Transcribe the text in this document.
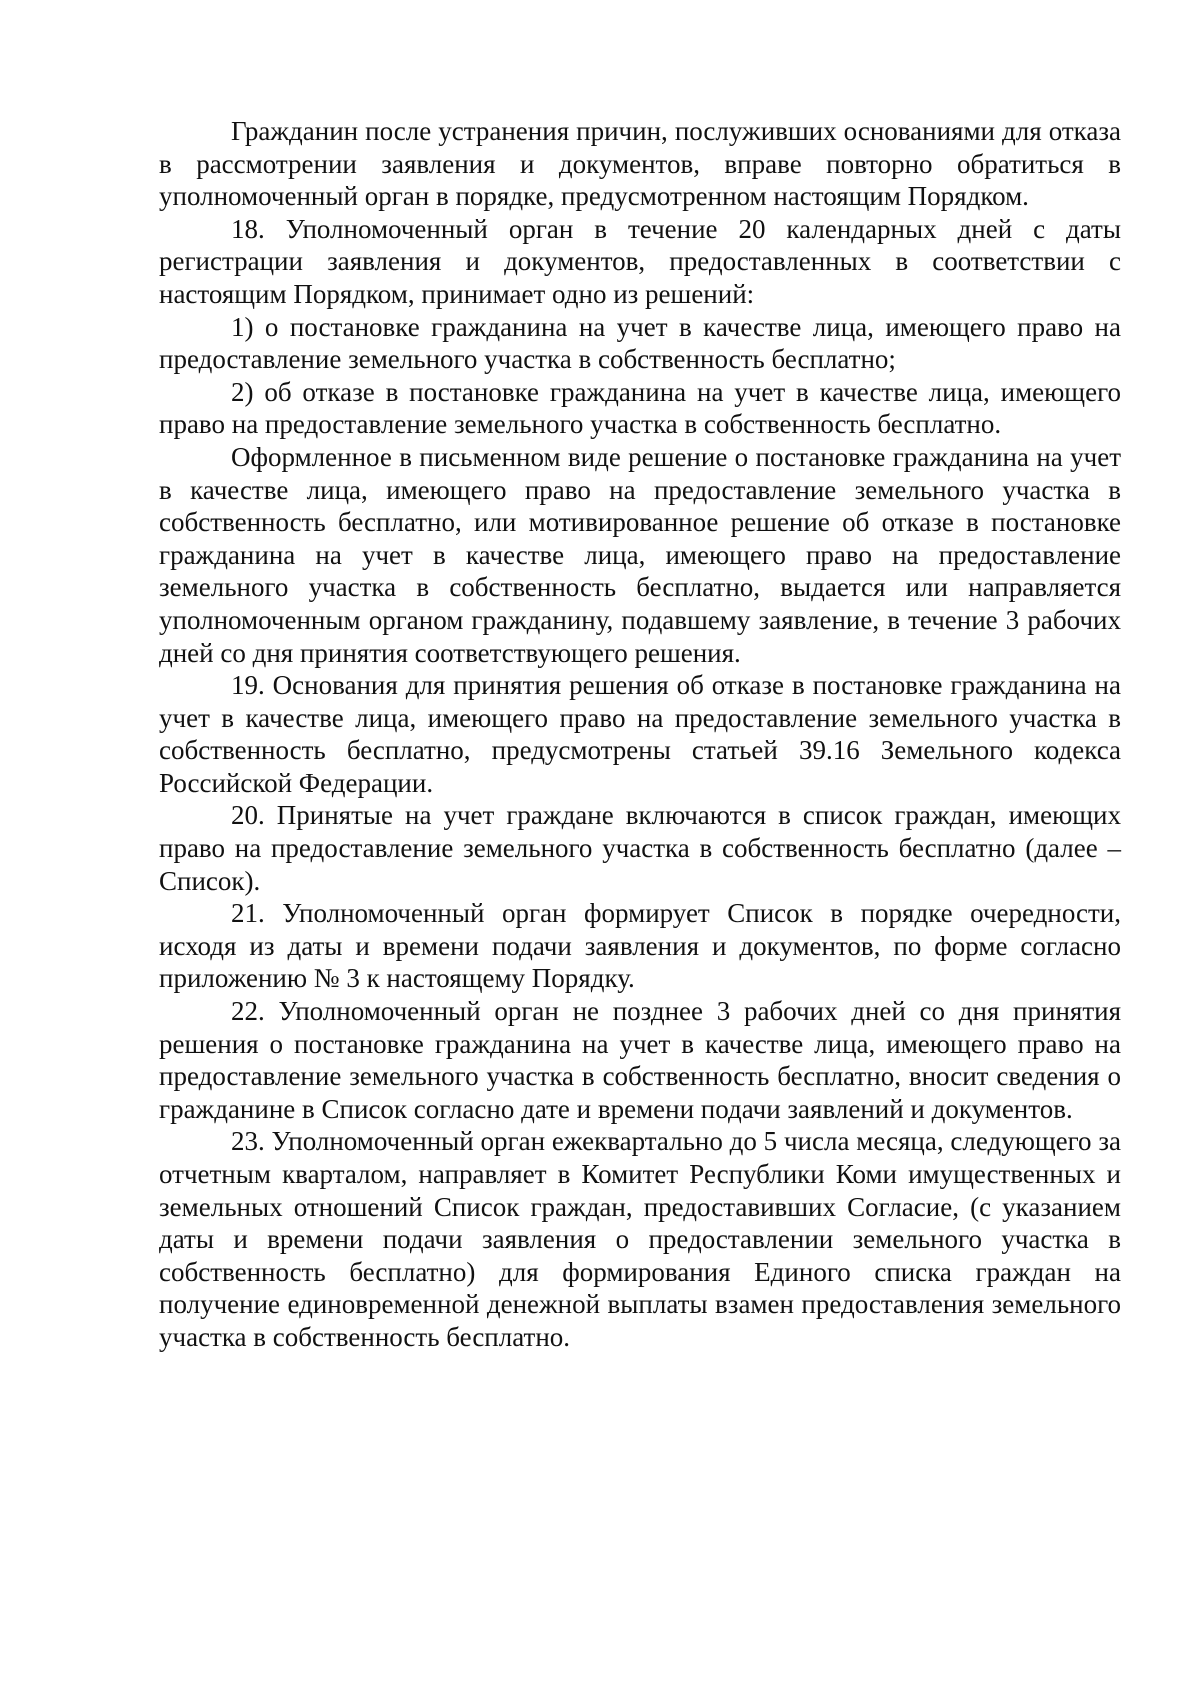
Гражданин после устранения причин, послуживших основаниями для отказа в рассмотрении заявления и документов, вправе повторно обратиться в уполномоченный орган в порядке, предусмотренном настоящим Порядком.

18. Уполномоченный орган в течение 20 календарных дней с даты регистрации заявления и документов, предоставленных в соответствии с настоящим Порядком, принимает одно из решений:

1) о постановке гражданина на учет в качестве лица, имеющего право на предоставление земельного участка в собственность бесплатно;

2) об отказе в постановке гражданина на учет в качестве лица, имеющего право на предоставление земельного участка в собственность бесплатно.

Оформленное в письменном виде решение о постановке гражданина на учет в качестве лица, имеющего право на предоставление земельного участка в собственность бесплатно, или мотивированное решение об отказе в постановке гражданина на учет в качестве лица, имеющего право на предоставление земельного участка в собственность бесплатно, выдается или направляется уполномоченным органом гражданину, подавшему заявление, в течение 3 рабочих дней со дня принятия соответствующего решения.

19. Основания для принятия решения об отказе в постановке гражданина на учет в качестве лица, имеющего право на предоставление земельного участка в собственность бесплатно, предусмотрены статьей 39.16 Земельного кодекса Российской Федерации.

20. Принятые на учет граждане включаются в список граждан, имеющих право на предоставление земельного участка в собственность бесплатно (далее – Список).

21. Уполномоченный орган формирует Список в порядке очередности, исходя из даты и времени подачи заявления и документов, по форме согласно приложению № 3 к настоящему Порядку.

22. Уполномоченный орган не позднее 3 рабочих дней со дня принятия решения о постановке гражданина на учет в качестве лица, имеющего право на предоставление земельного участка в собственность бесплатно, вносит сведения о гражданине в Список согласно дате и времени подачи заявлений и документов.

23. Уполномоченный орган ежеквартально до 5 числа месяца, следующего за отчетным кварталом, направляет в Комитет Республики Коми имущественных и земельных отношений Список граждан, предоставивших Согласие, (с указанием даты и времени подачи заявления о предоставлении земельного участка в собственность бесплатно) для формирования Единого списка граждан на получение единовременной денежной выплаты взамен предоставления земельного участка в собственность бесплатно.
